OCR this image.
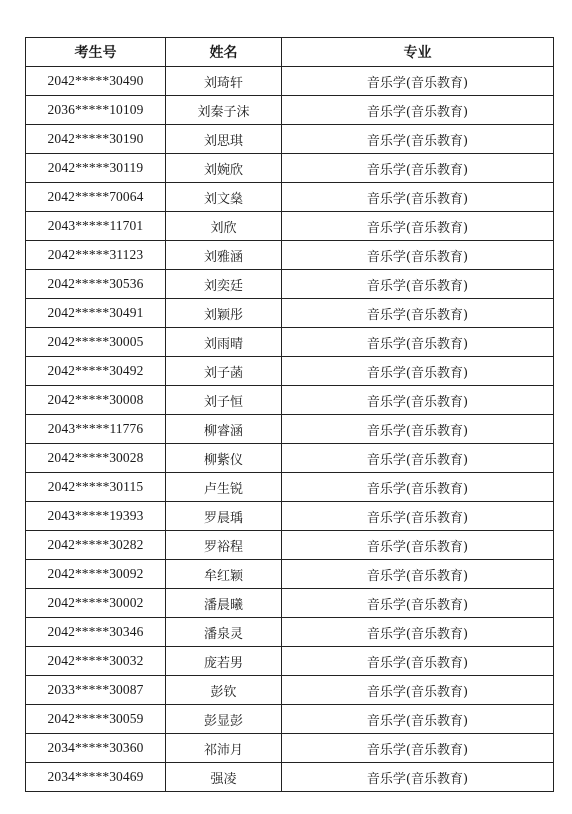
考生号	姓名	专业
2042*****30490	刘琦轩	音乐学(音乐教育)
2036*****10109	刘秦子沫	音乐学(音乐教育)
2042*****30190	刘思琪	音乐学(音乐教育)
2042*****30119	刘婉欣	音乐学(音乐教育)
2042*****70064	刘文燊	音乐学(音乐教育)
2043*****11701	刘欣	音乐学(音乐教育)
2042*****31123	刘雅涵	音乐学(音乐教育)
2042*****30536	刘奕廷	音乐学(音乐教育)
2042*****30491	刘颖彤	音乐学(音乐教育)
2042*****30005	刘雨晴	音乐学(音乐教育)
2042*****30492	刘子菡	音乐学(音乐教育)
2042*****30008	刘子恒	音乐学(音乐教育)
2043*****11776	柳睿涵	音乐学(音乐教育)
2042*****30028	柳紫仪	音乐学(音乐教育)
2042*****30115	卢生锐	音乐学(音乐教育)
2043*****19393	罗晨瑀	音乐学(音乐教育)
2042*****30282	罗裕程	音乐学(音乐教育)
2042*****30092	牟红颖	音乐学(音乐教育)
2042*****30002	潘晨曦	音乐学(音乐教育)
2042*****30346	潘泉灵	音乐学(音乐教育)
2042*****30032	庞若男	音乐学(音乐教育)
2033*****30087	彭钦	音乐学(音乐教育)
2042*****30059	彭显彭	音乐学(音乐教育)
2034*****30360	祁沛月	音乐学(音乐教育)
2034*****30469	强凌	音乐学(音乐教育)
